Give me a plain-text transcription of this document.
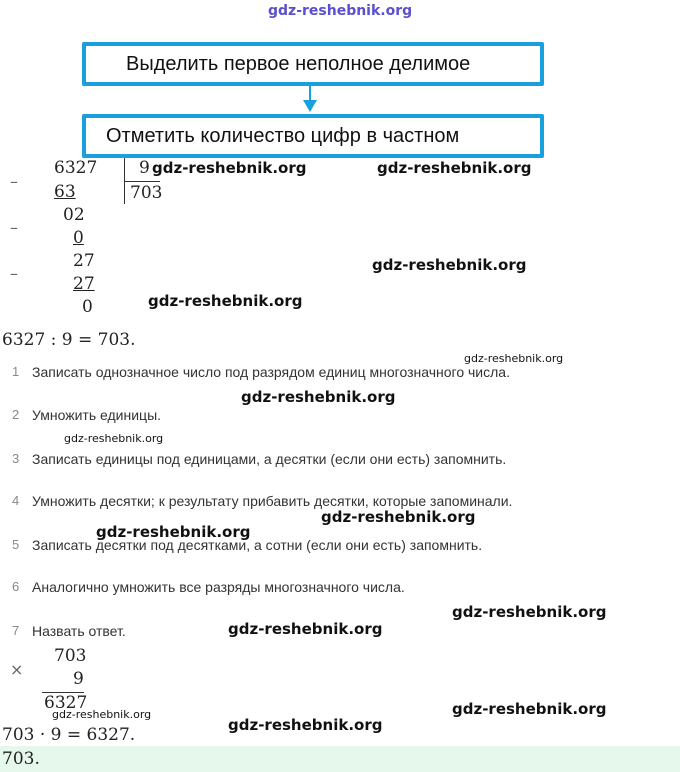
gdz-reshebnik.org
Выделить первое неполное делимое
Отметить количество цифр в частном
–
–
–
6327
63
02
0
27
27
0
9
703
6327 : 9 = 703.
1 Записать однозначное число под разрядом единиц многозначного числа.
2 Умножить единицы.
3 Записать единицы под единицами, а десятки (если они есть) запомнить.
4 Умножить десятки; к результату прибавить десятки, которые запоминали.
5 Записать десятки под десятками, а сотни (если они есть) запомнить.
6 Аналогично умножить все разряды многозначного числа.
7 Назвать ответ.
×
703
9
6327
703 · 9 = 6327.
703.
gdz-reshebnik.org	gdz-reshebnik.org
gdz-reshebnik.org
gdz-reshebnik.org
gdz-reshebnik.org
gdz-reshebnik.org
gdz-reshebnik.org
gdz-reshebnik.org
gdz-reshebnik.org
gdz-reshebnik.org
gdz-reshebnik.org
gdz-reshebnik.org
gdz-reshebnik.org
gdz-reshebnik.org
